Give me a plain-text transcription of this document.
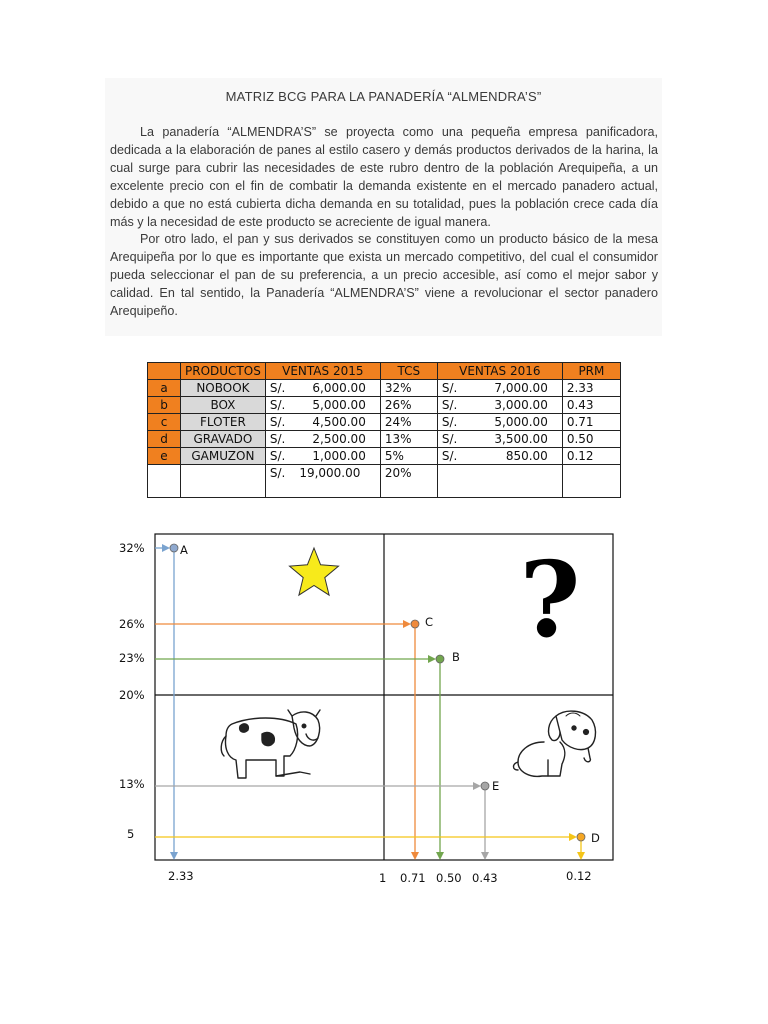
MATRIZ BCG PARA LA PANADERÍA “ALMENDRA’S”

La panadería “ALMENDRA’S” se proyecta como una pequeña empresa panificadora, dedicada a la elaboración de panes al estilo casero y demás productos derivados de la harina, la cual surge para cubrir las necesidades de este rubro dentro de la población Arequipeña, a un excelente precio con el fin de combatir la demanda existente en el mercado panadero actual, debido a que no está cubierta dicha demanda en su totalidad, pues la población crece cada día más y la necesidad de este producto se acreciente de igual manera.

Por otro lado, el pan y sus derivados se constituyen como un producto básico de la mesa Arequipeña por lo que es importante que exista un mercado competitivo, del cual el consumidor pueda seleccionar el pan de su preferencia, a un precio accesible, así como el mejor sabor y calidad. En tal sentido, la Panadería “ALMENDRA’S” viene a revolucionar el sector panadero Arequipeño.

	PRODUCTOS	VENTAS 2015	TCS	VENTAS 2016	PRM
a	NOBOOK	S/. 6,000.00	32%	S/. 7,000.00	2.33
b	BOX	S/. 5,000.00	26%	S/. 3,000.00	0.43
c	FLOTER	S/. 4,500.00	24%	S/. 5,000.00	0.71
d	GRAVADO	S/. 2,500.00	13%	S/. 3,500.00	0.50
e	GAMUZON	S/. 1,000.00	5%	S/. 850.00	0.12

		S/. 19,000.00	20%		
?
32%
26%
23%
20%
13%
5
2.33	1 0.71 0.50 0.43	0.12
A
C
B
E
D
